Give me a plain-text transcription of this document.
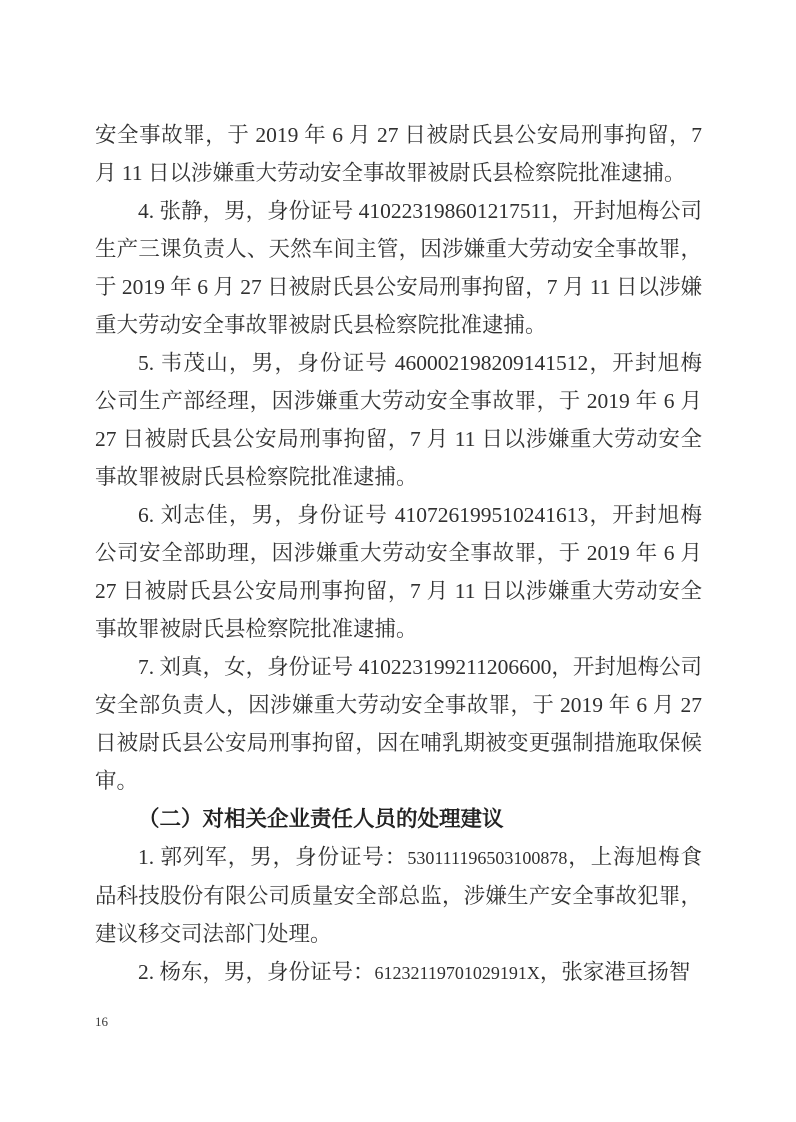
安全事故罪，于 2019 年 6 月 27 日被尉氏县公安局刑事拘留，7 月 11 日以涉嫌重大劳动安全事故罪被尉氏县检察院批准逮捕。

4. 张静，男，身份证号 410223198601217511，开封旭梅公司生产三课负责人、天然车间主管，因涉嫌重大劳动安全事故罪，于 2019 年 6 月 27 日被尉氏县公安局刑事拘留，7 月 11 日以涉嫌重大劳动安全事故罪被尉氏县检察院批准逮捕。

5. 韦茂山，男，身份证号 460002198209141512，开封旭梅公司生产部经理，因涉嫌重大劳动安全事故罪，于 2019 年 6 月 27 日被尉氏县公安局刑事拘留，7 月 11 日以涉嫌重大劳动安全事故罪被尉氏县检察院批准逮捕。

6. 刘志佳，男，身份证号 410726199510241613，开封旭梅公司安全部助理，因涉嫌重大劳动安全事故罪，于 2019 年 6 月 27 日被尉氏县公安局刑事拘留，7 月 11 日以涉嫌重大劳动安全事故罪被尉氏县检察院批准逮捕。

7. 刘真，女，身份证号 410223199211206600，开封旭梅公司安全部负责人，因涉嫌重大劳动安全事故罪，于 2019 年 6 月 27 日被尉氏县公安局刑事拘留，因在哺乳期被变更强制措施取保候审。

（二）对相关企业责任人员的处理建议

1. 郭列军，男，身份证号：530111196503100878，上海旭梅食品科技股份有限公司质量安全部总监，涉嫌生产安全事故犯罪，建议移交司法部门处理。

2. 杨东，男，身份证号：61232119701029191X，张家港亘扬智

16
